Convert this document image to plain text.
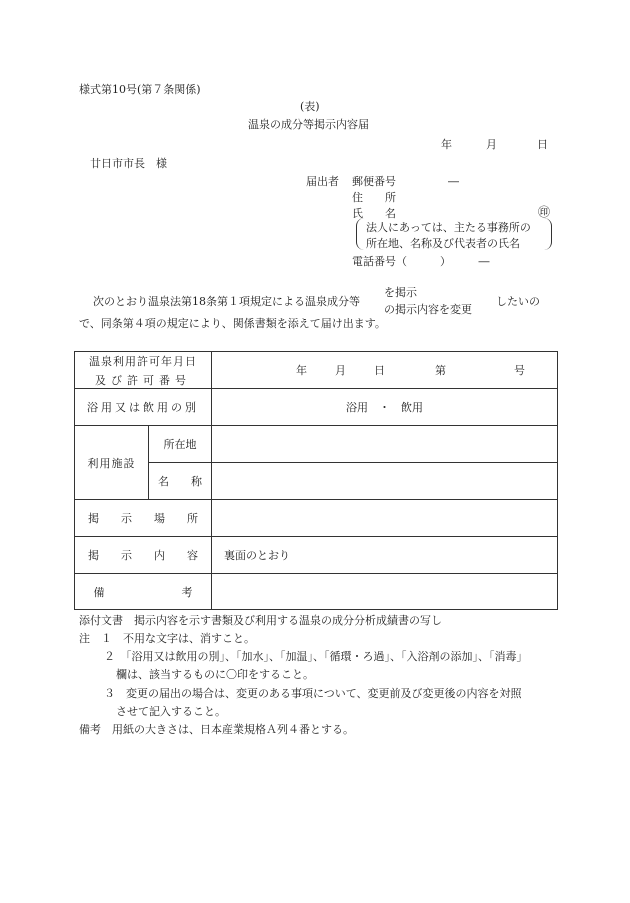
様式第10号(第７条関係)
(表)
温泉の成分等掲示内容届
年	月	日
廿日市市長　様
届出者 郵便番号	―
住　　所
氏　　名	㊞
法人にあっては、主たる事務所の
所在地、名称及び代表者の氏名
電話番号（　　　）　　　―
を掲示
次のとおり温泉法第18条第１項規定による温泉成分等	したいの
の掲示内容を変更
で、同条第４項の規定により、関係書類を添えて届け出ます。
温泉利用許可年月日
及び許可番号		年 月 日 第 号

浴用又は飲用の別		浴用　・　飲用
利用施設	所在地	
	名　　称	
掲　　示　　場　　所		
掲　　示　　内　　容		裏面のとおり
備　　　　　　　考		
添付文書　掲示内容を示す書類及び利用する温泉の成分分析成績書の写し
注　１　不用な文字は、消すこと。
２　「浴用又は飲用の別」、「加水」、「加温」、「循環・ろ過」、「入浴剤の添加」、「消毒」
欄は、該当するものに〇印をすること。
３　変更の届出の場合は、変更のある事項について、変更前及び変更後の内容を対照
させて記入すること。
備考　用紙の大きさは、日本産業規格Ａ列４番とする。
